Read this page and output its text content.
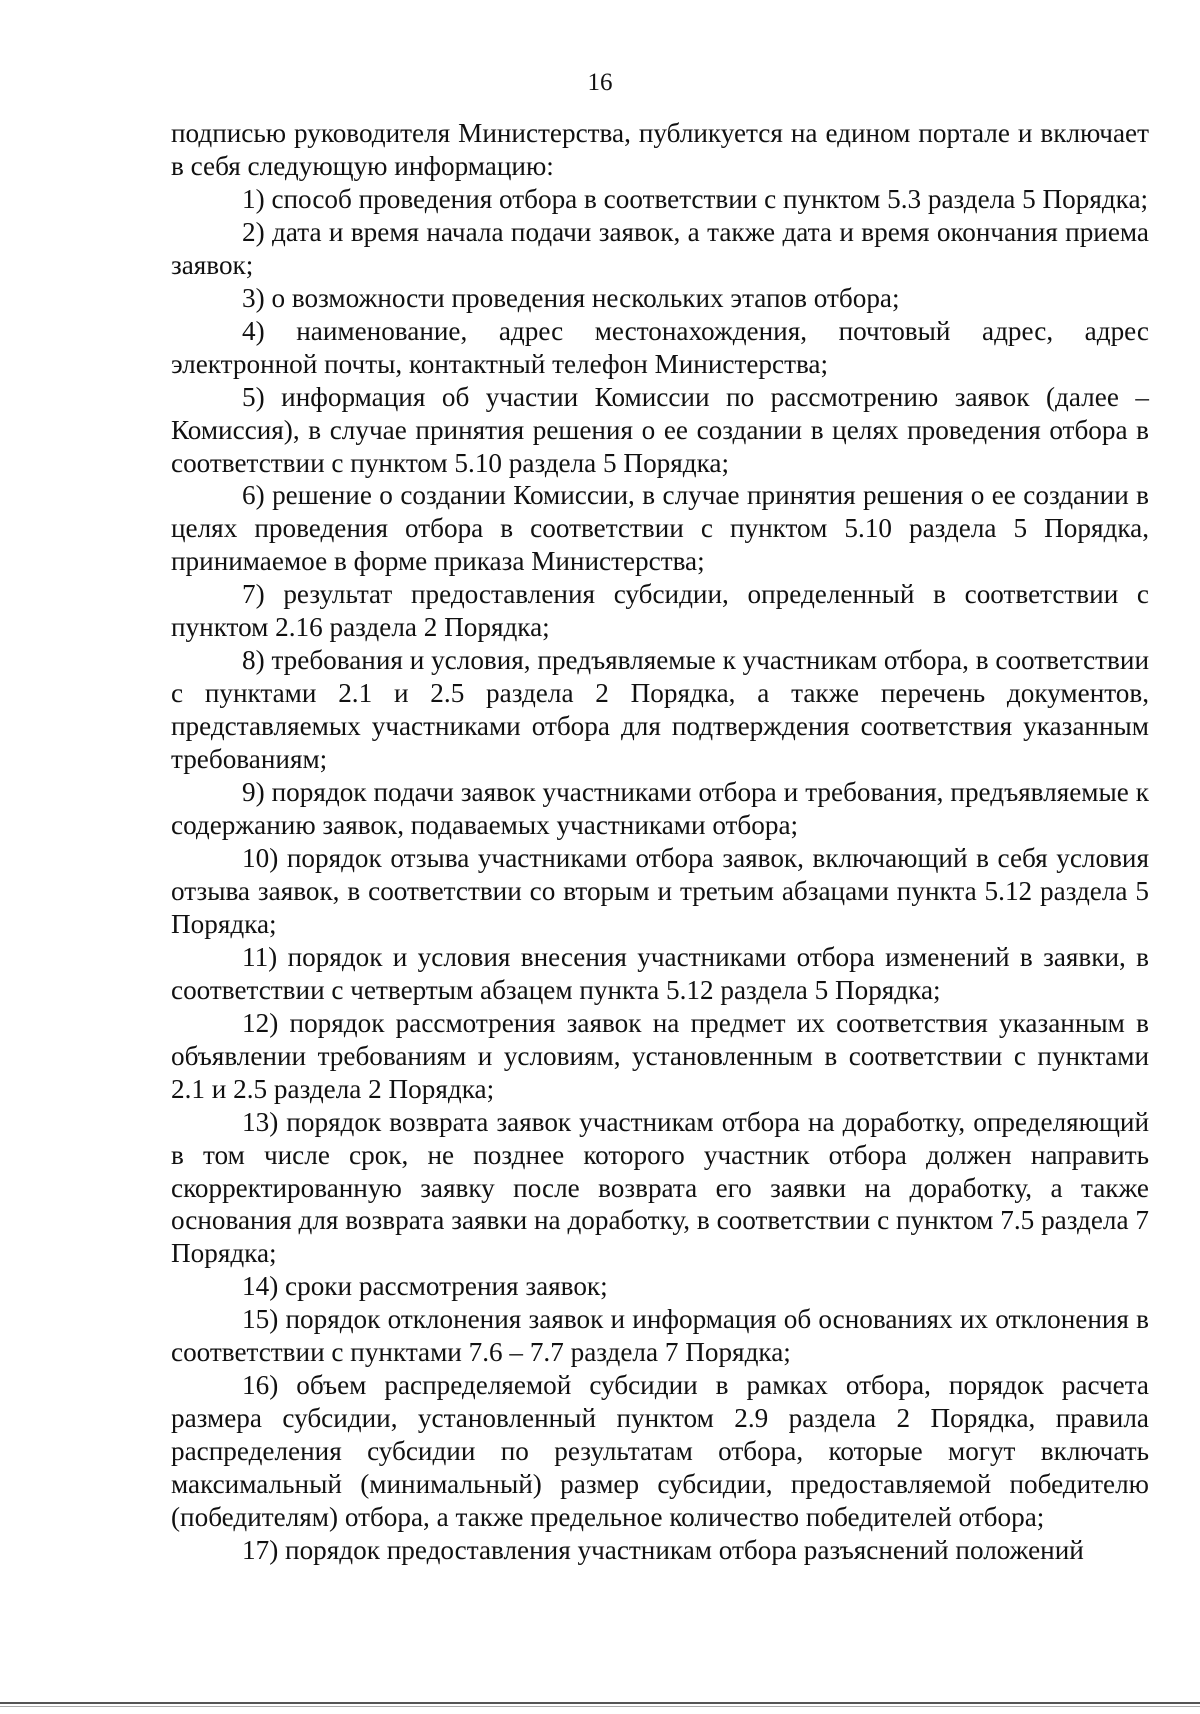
16

подписью руководителя Министерства, публикуется на едином портале и включает в себя следующую информацию:

1) способ проведения отбора в соответствии с пунктом 5.3 раздела 5 Порядка;

2) дата и время начала подачи заявок, а также дата и время окончания приема заявок;

3) о возможности проведения нескольких этапов отбора;

4) наименование, адрес местонахождения, почтовый адрес, адрес электронной почты, контактный телефон Министерства;

5) информация об участии Комиссии по рассмотрению заявок (далее – Комиссия), в случае принятия решения о ее создании в целях проведения отбора в соответствии с пунктом 5.10 раздела 5 Порядка;

6) решение о создании Комиссии, в случае принятия решения о ее создании в целях проведения отбора в соответствии с пунктом 5.10 раздела 5 Порядка, принимаемое в форме приказа Министерства;

7) результат предоставления субсидии, определенный в соответствии с пунктом 2.16 раздела 2 Порядка;

8) требования и условия, предъявляемые к участникам отбора, в соответствии с пунктами 2.1 и 2.5 раздела 2 Порядка, а также перечень документов, представляемых участниками отбора для подтверждения соответствия указанным требованиям;

9) порядок подачи заявок участниками отбора и требования, предъявляемые к содержанию заявок, подаваемых участниками отбора;

10) порядок отзыва участниками отбора заявок, включающий в себя условия отзыва заявок, в соответствии со вторым и третьим абзацами пункта 5.12 раздела 5 Порядка;

11) порядок и условия внесения участниками отбора изменений в заявки, в соответствии с четвертым абзацем пункта 5.12 раздела 5 Порядка;

12) порядок рассмотрения заявок на предмет их соответствия указанным в объявлении требованиям и условиям, установленным в соответствии с пунктами 2.1 и 2.5 раздела 2 Порядка;

13) порядок возврата заявок участникам отбора на доработку, определяющий в том числе срок, не позднее которого участник отбора должен направить скорректированную заявку после возврата его заявки на доработку, а также основания для возврата заявки на доработку, в соответствии с пунктом 7.5 раздела 7 Порядка;

14) сроки рассмотрения заявок;

15) порядок отклонения заявок и информация об основаниях их отклонения в соответствии с пунктами 7.6 – 7.7 раздела 7 Порядка;

16) объем распределяемой субсидии в рамках отбора, порядок расчета размера субсидии, установленный пунктом 2.9 раздела 2 Порядка, правила распределения субсидии по результатам отбора, которые могут включать максимальный (минимальный) размер субсидии, предоставляемой победителю (победителям) отбора, а также предельное количество победителей отбора;

17) порядок предоставления участникам отбора разъяснений положений
